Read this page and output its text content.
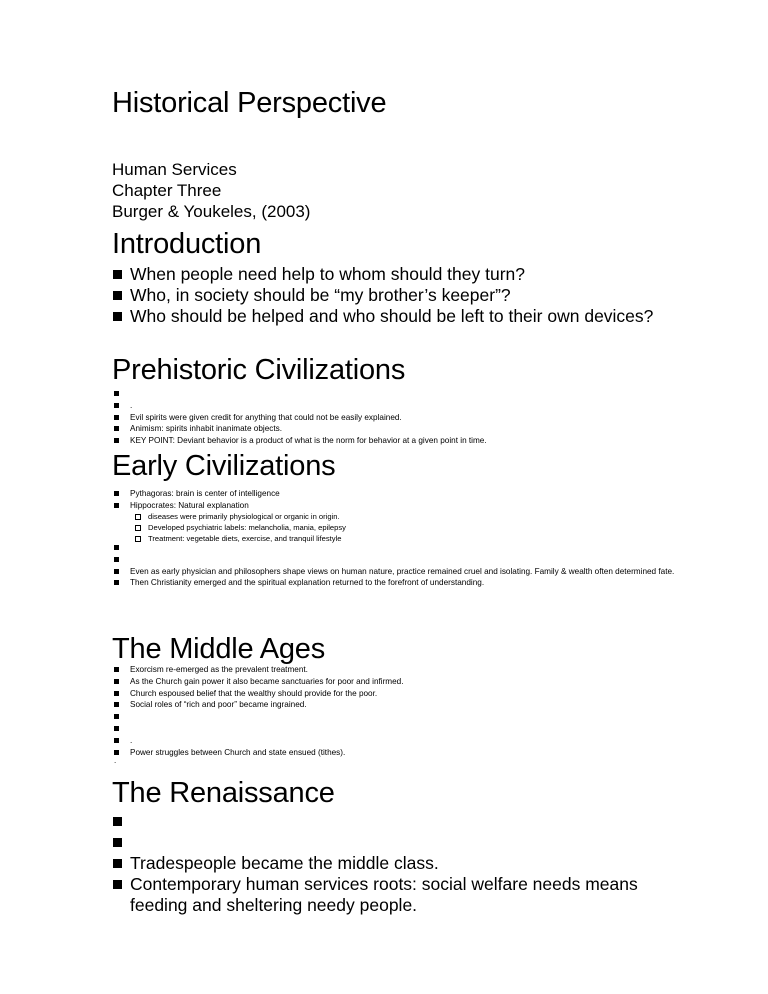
Historical Perspective
Human Services
Chapter Three
Burger & Youkeles, (2003)
Introduction
When people need help to whom should they turn?
Who, in society should be “my brother’s keeper”?
Who should be helped and who should be left to their own devices?
Prehistoric Civilizations

.
Evil spirits were given credit for anything that could not be easily explained.
Animism: spirits inhabit inanimate objects.
KEY POINT: Deviant behavior is a product of what is the norm for behavior at a given point in time.
Early Civilizations
Pythagoras: brain is center of intelligence
Hippocrates: Natural explanation
diseases were primarily physiological or organic in origin.
Developed psychiatric labels: melancholia, mania, epilepsy
Treatment: vegetable diets, exercise, and tranquil lifestyle

Even as early physician and philosophers shape views on human nature, practice remained cruel and isolating. Family & wealth often determined fate.
Then Christianity emerged and the spiritual explanation returned to the forefront of understanding.
The Middle Ages
Exorcism re-emerged as the prevalent treatment.
As the Church gain power it also became sanctuaries for poor and infirmed.
Church espoused belief that the wealthy should provide for the poor.
Social roles of “rich and poor” became ingrained.

.
Power struggles between Church and state ensued (tithes).
.
The Renaissance

Tradespeople became the middle class.
Contemporary human services roots: social welfare needs means feeding and sheltering needy people.
